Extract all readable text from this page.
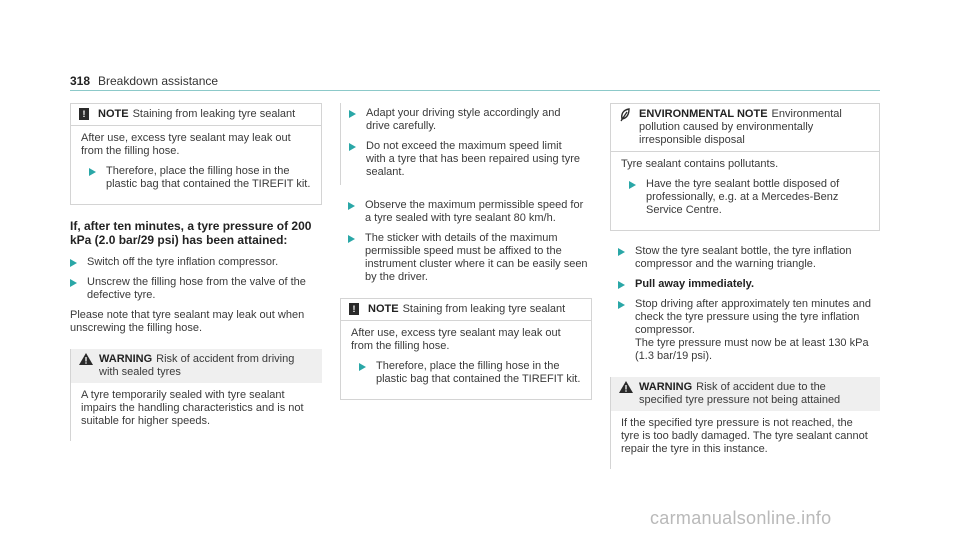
318 Breakdown assistance
!	NOTE Staining from leaking tyre sealant

After use, excess tyre sealant may leak out from the filling hose.

Therefore, place the filling hose in the plastic bag that contained the TIREFIT kit.
If, after ten minutes, a tyre pressure of 200 kPa (2.0 bar/29 psi) has been attained:
Switch off the tyre inflation compressor.
Unscrew the filling hose from the valve of the defective tyre.

Please note that tyre sealant may leak out when unscrewing the filling hose.

WARNING Risk of accident from driving with sealed tyres

A tyre temporarily sealed with tyre sealant impairs the handling characteristics and is not suitable for higher speeds.

Adapt your driving style accordingly and drive carefully.
Do not exceed the maximum speed limit with a tyre that has been repaired using tyre sealant.
Observe the maximum permissible speed for a tyre sealed with tyre sealant 80 km/h.
The sticker with details of the maximum permissible speed must be affixed to the instrument cluster where it can be easily seen by the driver.
!	NOTE Staining from leaking tyre sealant

After use, excess tyre sealant may leak out from the filling hose.

Therefore, place the filling hose in the plastic bag that contained the TIREFIT kit.
ENVIRONMENTAL NOTE Environmental pollution caused by environmentally irresponsible disposal

Tyre sealant contains pollutants.

Have the tyre sealant bottle disposed of professionally, e.g. at a Mercedes-Benz Service Centre.
Stow the tyre sealant bottle, the tyre inflation compressor and the warning triangle.
Pull away immediately.
Stop driving after approximately ten minutes and check the tyre pressure using the tyre inflation compressor.
The tyre pressure must now be at least 130 kPa (1.3 bar/19 psi).
WARNING Risk of accident due to the specified tyre pressure not being attained

If the specified tyre pressure is not reached, the tyre is too badly damaged. The tyre sealant cannot repair the tyre in this instance.

carmanualsonline.info
